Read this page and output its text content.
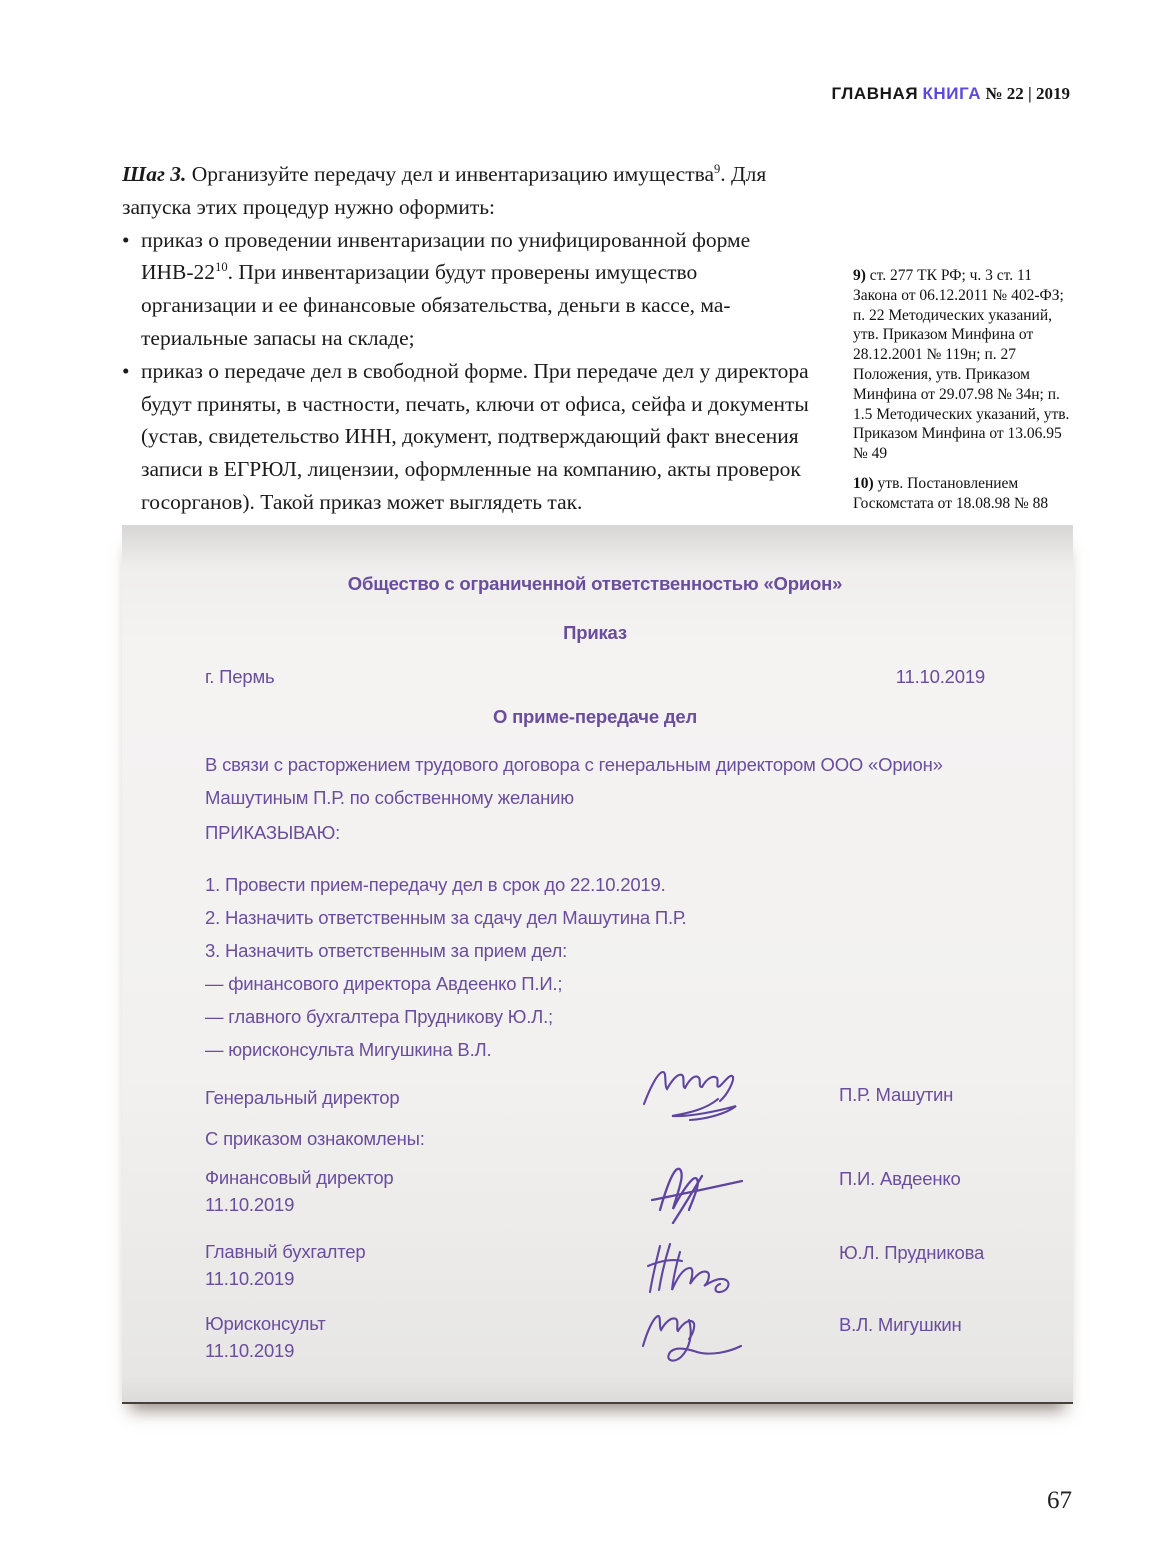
ГЛАВНАЯ КНИГА № 22 | 2019

Шаг 3. Организуйте передачу дел и инвентаризацию имущества$^9$. Для запуска этих процедур нужно оформить:

• приказ о проведении инвентаризации по унифицированной форме ИНВ-22$^{10}$. При инвентаризации будут проверены имущество организации и ее финансовые обязательства, деньги в кассе, материальные запасы на складе;
• приказ о передаче дел в свободной форме. При передаче дел у директора будут приняты, в частности, печать, ключи от офиса, сейфа и документы (устав, свидетельство ИНН, документ, подтверждающий факт внесения записи в ЕГРЮЛ, лицензии, оформленные на компанию, акты проверок госорганов). Такой приказ может выглядеть так.
9) ст. 277 ТК РФ; ч. 3 ст. 11 Закона от 06.12.2011 № 402-ФЗ; п. 22 Методических указаний, утв. Приказом Минфина от 28.12.2001 № 119н; п. 27 Положения, утв. Приказом Минфина от 29.07.98 № 34н; п. 1.5 Методических указаний, утв. Приказом Минфина от 13.06.95 № 49
10) утв. Постановлением Госкомстата от 18.08.98 № 88

Общество с ограниченной ответственностью «Орион»

Приказ

г. Пермь	11.10.2019

О приме-передаче дел

В связи с расторжением трудового договора с генеральным директором ООО «Орион» Машутиным П.Р. по собственному желанию

ПРИКАЗЫВАЮ:

1. Провести прием-передачу дел в срок до 22.10.2019.
2. Назначить ответственным за сдачу дел Машутина П.Р.
3. Назначить ответственным за прием дел:
— финансового директора Авдеенко П.И.;
— главного бухгалтера Прудникову Ю.Л.;
— юрисконсульта Мигушкина В.Л.
Генеральный директор	П.Р. Машутин

С приказом ознакомлены:

Финансовый директор
11.10.2019
П.И. Авдеенко
Главный бухгалтер
11.10.2019
Ю.Л. Прудникова
Юрисконсульт
11.10.2019
В.Л. Мигушкин
67
